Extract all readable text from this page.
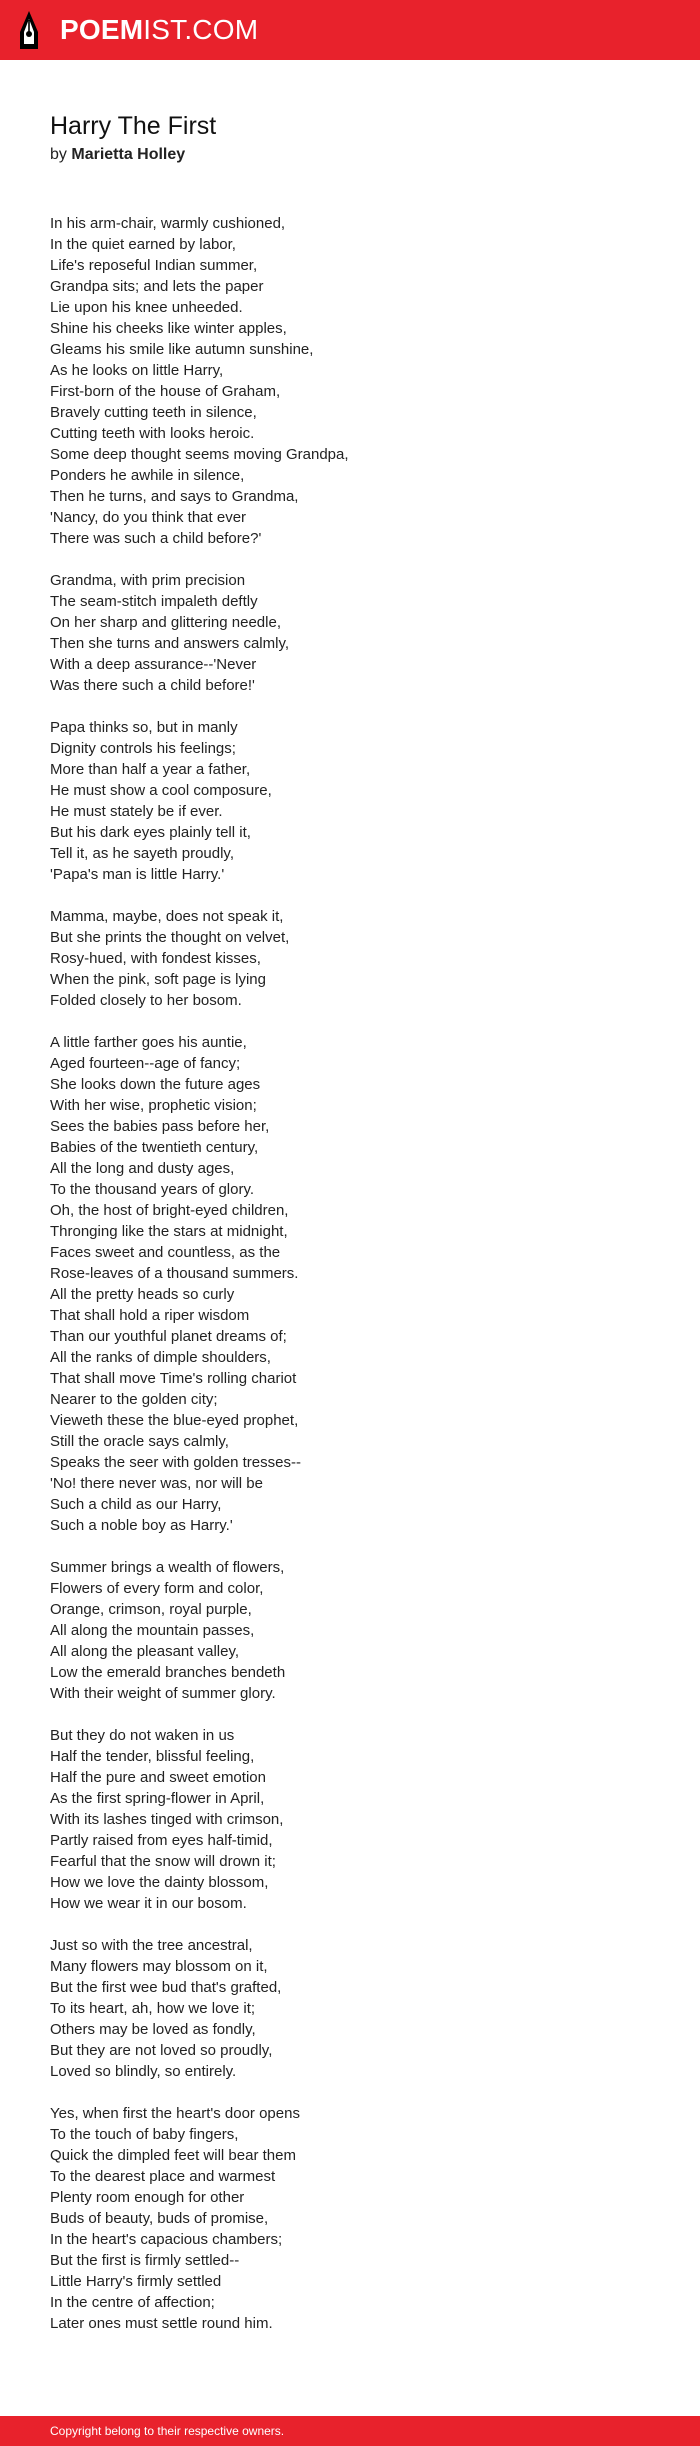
POEMIST.COM
Harry The First

by Marietta Holley

In his arm-chair, warmly cushioned,
In the quiet earned by labor,
Life's reposeful Indian summer,
Grandpa sits; and lets the paper
Lie upon his knee unheeded.
Shine his cheeks like winter apples,
Gleams his smile like autumn sunshine,
As he looks on little Harry,
First-born of the house of Graham,
Bravely cutting teeth in silence,
Cutting teeth with looks heroic.
Some deep thought seems moving Grandpa,
Ponders he awhile in silence,
Then he turns, and says to Grandma,
'Nancy, do you think that ever
There was such a child before?'
Grandma, with prim precision
The seam-stitch impaleth deftly
On her sharp and glittering needle,
Then she turns and answers calmly,
With a deep assurance--'Never
Was there such a child before!'
Papa thinks so, but in manly
Dignity controls his feelings;
More than half a year a father,
He must show a cool composure,
He must stately be if ever.
But his dark eyes plainly tell it,
Tell it, as he sayeth proudly,
'Papa's man is little Harry.'
Mamma, maybe, does not speak it,
But she prints the thought on velvet,
Rosy-hued, with fondest kisses,
When the pink, soft page is lying
Folded closely to her bosom.
A little farther goes his auntie,
Aged fourteen--age of fancy;
She looks down the future ages
With her wise, prophetic vision;
Sees the babies pass before her,
Babies of the twentieth century,
All the long and dusty ages,
To the thousand years of glory.
Oh, the host of bright-eyed children,
Thronging like the stars at midnight,
Faces sweet and countless, as the
Rose-leaves of a thousand summers.
All the pretty heads so curly
That shall hold a riper wisdom
Than our youthful planet dreams of;
All the ranks of dimple shoulders,
That shall move Time's rolling chariot
Nearer to the golden city;
Vieweth these the blue-eyed prophet,
Still the oracle says calmly,
Speaks the seer with golden tresses--
'No! there never was, nor will be
Such a child as our Harry,
Such a noble boy as Harry.'
Summer brings a wealth of flowers,
Flowers of every form and color,
Orange, crimson, royal purple,
All along the mountain passes,
All along the pleasant valley,
Low the emerald branches bendeth
With their weight of summer glory.
But they do not waken in us
Half the tender, blissful feeling,
Half the pure and sweet emotion
As the first spring-flower in April,
With its lashes tinged with crimson,
Partly raised from eyes half-timid,
Fearful that the snow will drown it;
How we love the dainty blossom,
How we wear it in our bosom.
Just so with the tree ancestral,
Many flowers may blossom on it,
But the first wee bud that's grafted,
To its heart, ah, how we love it;
Others may be loved as fondly,
But they are not loved so proudly,
Loved so blindly, so entirely.
Yes, when first the heart's door opens
To the touch of baby fingers,
Quick the dimpled feet will bear them
To the dearest place and warmest
Plenty room enough for other
Buds of beauty, buds of promise,
In the heart's capacious chambers;
But the first is firmly settled--
Little Harry's firmly settled
In the centre of affection;
Later ones must settle round him.
Copyright belong to their respective owners.
